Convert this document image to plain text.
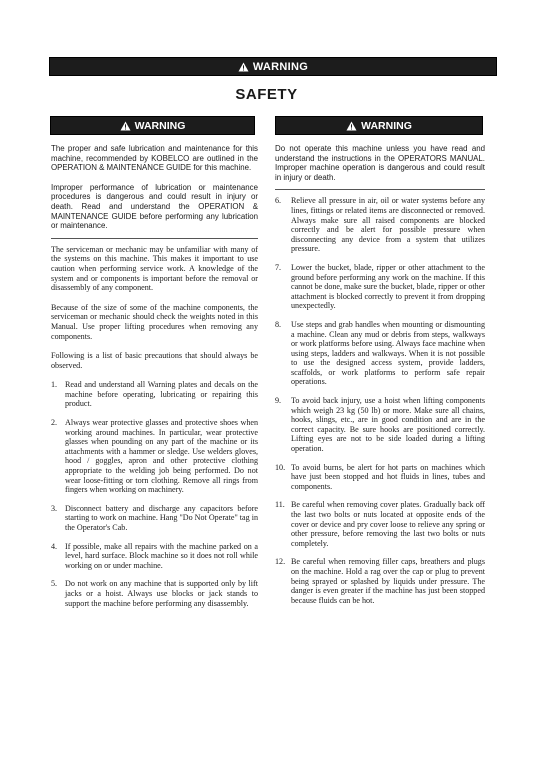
WARNING
SAFETY
WARNING	WARNING

The proper and safe lubrication and maintenance for this machine, recommended by KOBELCO are outlined in the OPERATION & MAINTENANCE GUIDE for this machine.

Improper performance of lubrication or maintenance procedures is dangerous and could result in injury or death. Read and understand the OPERATION & MAINTENANCE GUIDE before performing any lubrication or maintenance.

The serviceman or mechanic may be unfamiliar with many of the systems on this machine. This makes it important to use caution when performing service work. A knowledge of the system and or components is important before the removal or disassembly of any component.

Because of the size of some of the machine components, the serviceman or mechanic should check the weights noted in this Manual. Use proper lifting procedures when removing any components.

Following is a list of basic precautions that should always be observed.

1. Read and understand all Warning plates and decals on the machine before operating, lubricating or repairing this product.
2. Always wear protective glasses and protective shoes when working around machines. In particular, wear protective glasses when pounding on any part of the machine or its attachments with a hammer or sledge. Use welders gloves, hood / goggles, apron and other protective clothing appropriate to the welding job being performed. Do not wear loose-fitting or torn clothing. Remove all rings from fingers when working on machinery.
3. Disconnect battery and discharge any capacitors before starting to work on machine. Hang "Do Not Operate" tag in the Operator's Cab.
4. If possible, make all repairs with the machine parked on a level, hard surface. Block machine so it does not roll while working on or under machine.
5. Do not work on any machine that is supported only by lift jacks or a hoist. Always use blocks or jack stands to support the machine before performing any disassembly.

Do not operate this machine unless you have read and understand the instructions in the OPERATORS MANUAL. Improper machine operation is dangerous and could result in injury or death.

6.	Relieve all pressure in air, oil or water systems before any lines, fittings or related items are disconnected or removed. Always make sure all raised components are blocked correctly and be alert for possible pressure when disconnecting any device from a system that utilizes pressure.
7.	Lower the bucket, blade, ripper or other attachment to the ground before performing any work on the machine. If this cannot be done, make sure the bucket, blade, ripper or other attachment is blocked correctly to prevent it from dropping unexpectedly.
8.	Use steps and grab handles when mounting or dismounting a machine. Clean any mud or debris from steps, walkways or work platforms before using. Always face machine when using steps, ladders and walkways. When it is not possible to use the designed access system, provide ladders, scaffolds, or work platforms to perform safe repair operations.
9.	To avoid back injury, use a hoist when lifting components which weigh 23 kg (50 lb) or more. Make sure all chains, hooks, slings, etc., are in good condition and are in the correct capacity. Be sure hooks are positioned correctly. Lifting eyes are not to be side loaded during a lifting operation.
10. To avoid burns, be alert for hot parts on machines which have just been stopped and hot fluids in lines, tubes and components.
11. Be careful when removing cover plates. Gradually back off the last two bolts or nuts located at opposite ends of the cover or device and pry cover loose to relieve any spring or other pressure, before removing the last two bolts or nuts completely.
12. Be careful when removing filler caps, breathers and plugs on the machine. Hold a rag over the cap or plug to prevent being sprayed or splashed by liquids under pressure. The danger is even greater if the machine has just been stopped because fluids can be hot.
